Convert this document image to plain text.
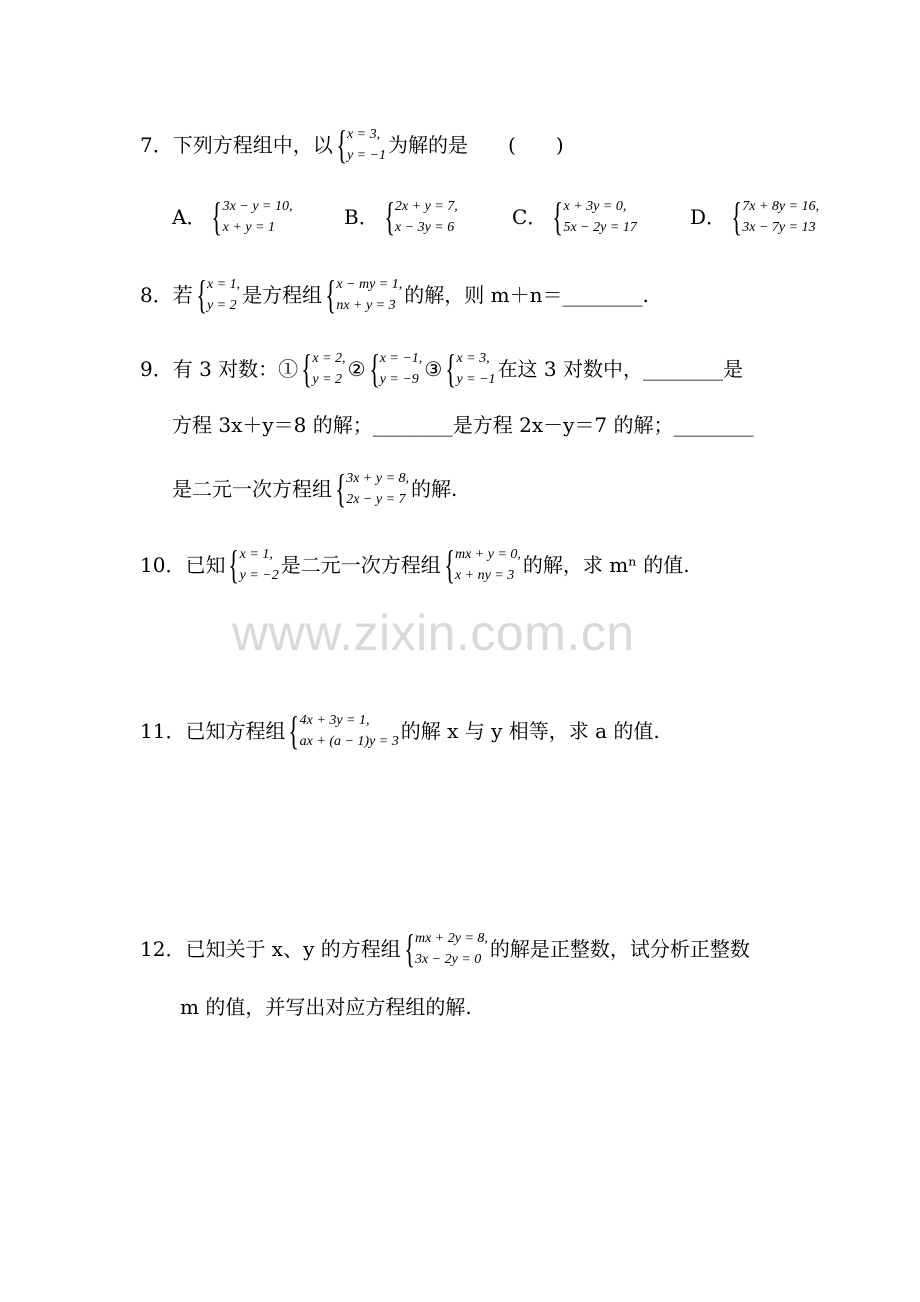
7． 下列方程组中，以 { x = 3,
y = −1 为解的是 (　　)
A． { 3x − y = 10,
x + y = 1	B． { 2x + y = 7,
x − 3y = 6	C． { x + 3y = 0,
5x − 2y = 17	D． { 7x + 8y = 16,
3x − 7y = 13
8． 若 { x = 1,
y = 2 是方程组 { x − my = 1,
nx + y = 3 的解，则 m＋n＝________.
9． 有 3 对数：① { x = 2,
y = 2 ② { x = −1,
y = −9 ③ { x = 3,
y = −1 在这 3 对数中，________是
方程 3x＋y＝8 的解；________是方程 2x－y＝7 的解；________
是二元一次方程组 { 3x + y = 8,
2x − y = 7 的解.
10． 已知 { x = 1,
y = −2 是二元一次方程组 { mx + y = 0,
x + ny = 3 的解，求 mⁿ 的值.
www.zixin.com.cn
11． 已知方程组 { 4x + 3y = 1,
ax + (a − 1)y = 3 的解 x 与 y 相等，求 a 的值.
12． 已知关于 x、y 的方程组 { mx + 2y = 8,
3x − 2y = 0 的解是正整数，试分析正整数
m 的值，并写出对应方程组的解.
